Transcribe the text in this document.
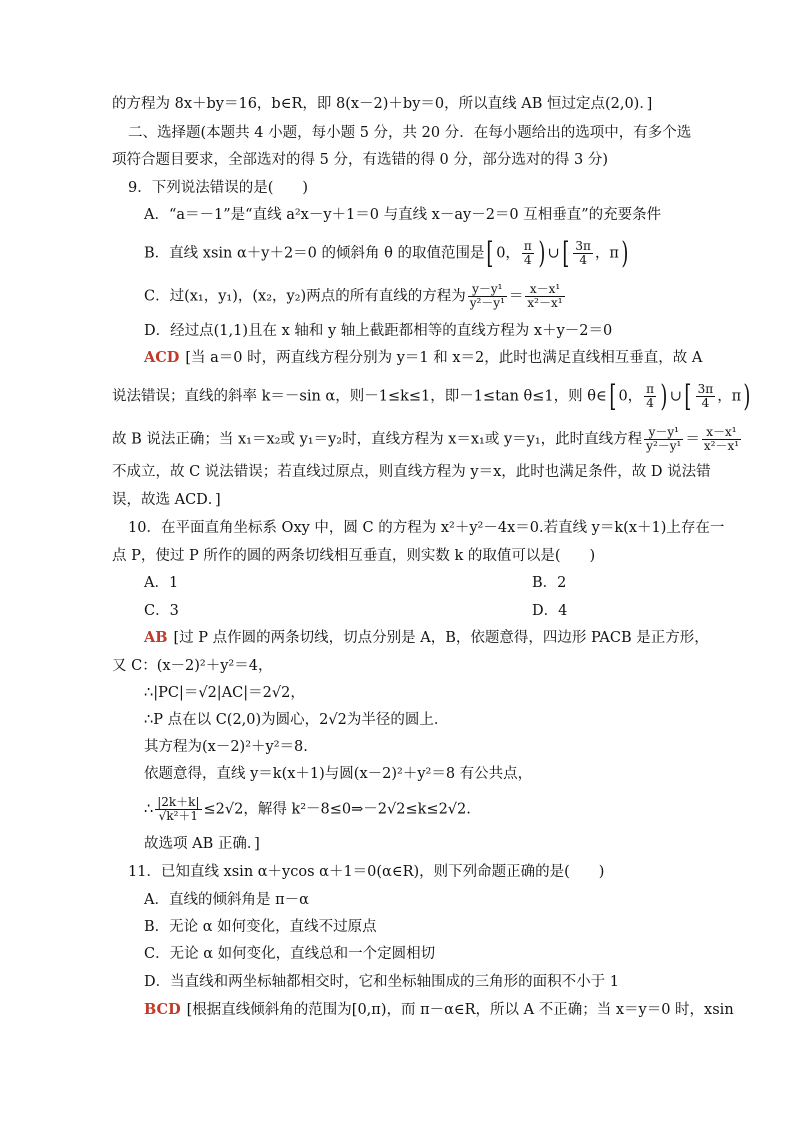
的方程为 8x＋by＝16，b∈R，即 8(x－2)＋by＝0，所以直线 AB 恒过定点(2,0)．]
二、选择题(本题共 4 小题，每小题 5 分，共 20 分．在每小题给出的选项中，有多个选
项符合题目要求，全部选对的得 5 分，有选错的得 0 分，部分选对的得 3 分)
9．下列说法错误的是(　　)
A．“a＝－1”是“直线 a²x－y＋1＝0 与直线 x－ay－2＝0 互相垂直”的充要条件
B．直线 xsin α＋y＋2＝0 的倾斜角 θ 的取值范围是[ 0， $\frac{\pi}{4}$ ) ∪[ $\frac{3\pi}{4}$ ，π)
C．过(x₁，y₁)，(x₂，y₂)两点的所有直线的方程为 $\frac{\text{y－y¹}}{\text{y²－y¹}} = \frac{\text{x－x¹}}{\text{x²－x¹}}$
D．经过点(1,1)且在 x 轴和 y 轴上截距都相等的直线方程为 x＋y－2＝0
ACD [当 a＝0 时，两直线方程分别为 y＝1 和 x＝2，此时也满足直线相互垂直，故 A
说法错误；直线的斜率 k＝－sin α，则－1≤k≤1，即－1≤tan θ≤1，则 θ∈[ 0， $\frac{\pi}{4}$ ) ∪[ $\frac{3\pi}{4}$ ，π)
故 B 说法正确；当 x₁＝x₂或 y₁＝y₂时，直线方程为 x＝x₁或 y＝y₁，此时直线方程 $\frac{\text{y－y¹}}{\text{y²－y¹}} = \frac{\text{x－x¹}}{\text{x²－x¹}}$
不成立，故 C 说法错误；若直线过原点，则直线方程为 y＝x，此时也满足条件，故 D 说法错
误，故选 ACD．]
10．在平面直角坐标系 Oxy 中，圆 C 的方程为 x²＋y²－4x＝0.若直线 y＝k(x＋1)上存在一
点 P，使过 P 所作的圆的两条切线相互垂直，则实数 k 的取值可以是(　　)
A．1	B．2
C．3	D．4
AB [过 P 点作圆的两条切线，切点分别是 A，B，依题意得，四边形 PACB 是正方形，
又 C：(x－2)²＋y²＝4，
∴|PC|＝√2|AC|＝2√2，
∴P 点在以 C(2,0)为圆心，2√2为半径的圆上．
其方程为(x－2)²＋y²＝8.
依题意得，直线 y＝k(x＋1)与圆(x－2)²＋y²＝8 有公共点，
∴ $\frac{|2k+k|}{\text{√k²＋1}} \le 2√2$，解得 k²－8≤0⇒－2√2≤k≤2√2.
故选项 AB 正确．]
11．已知直线 xsin α＋ycos α＋1＝0(α∈R)，则下列命题正确的是(　　)
A．直线的倾斜角是 π－α
B．无论 α 如何变化，直线不过原点
C．无论 α 如何变化，直线总和一个定圆相切
D．当直线和两坐标轴都相交时，它和坐标轴围成的三角形的面积不小于 1
BCD [根据直线倾斜角的范围为[0,π)，而 π－α∈R，所以 A 不正确；当 x＝y＝0 时，xsin
